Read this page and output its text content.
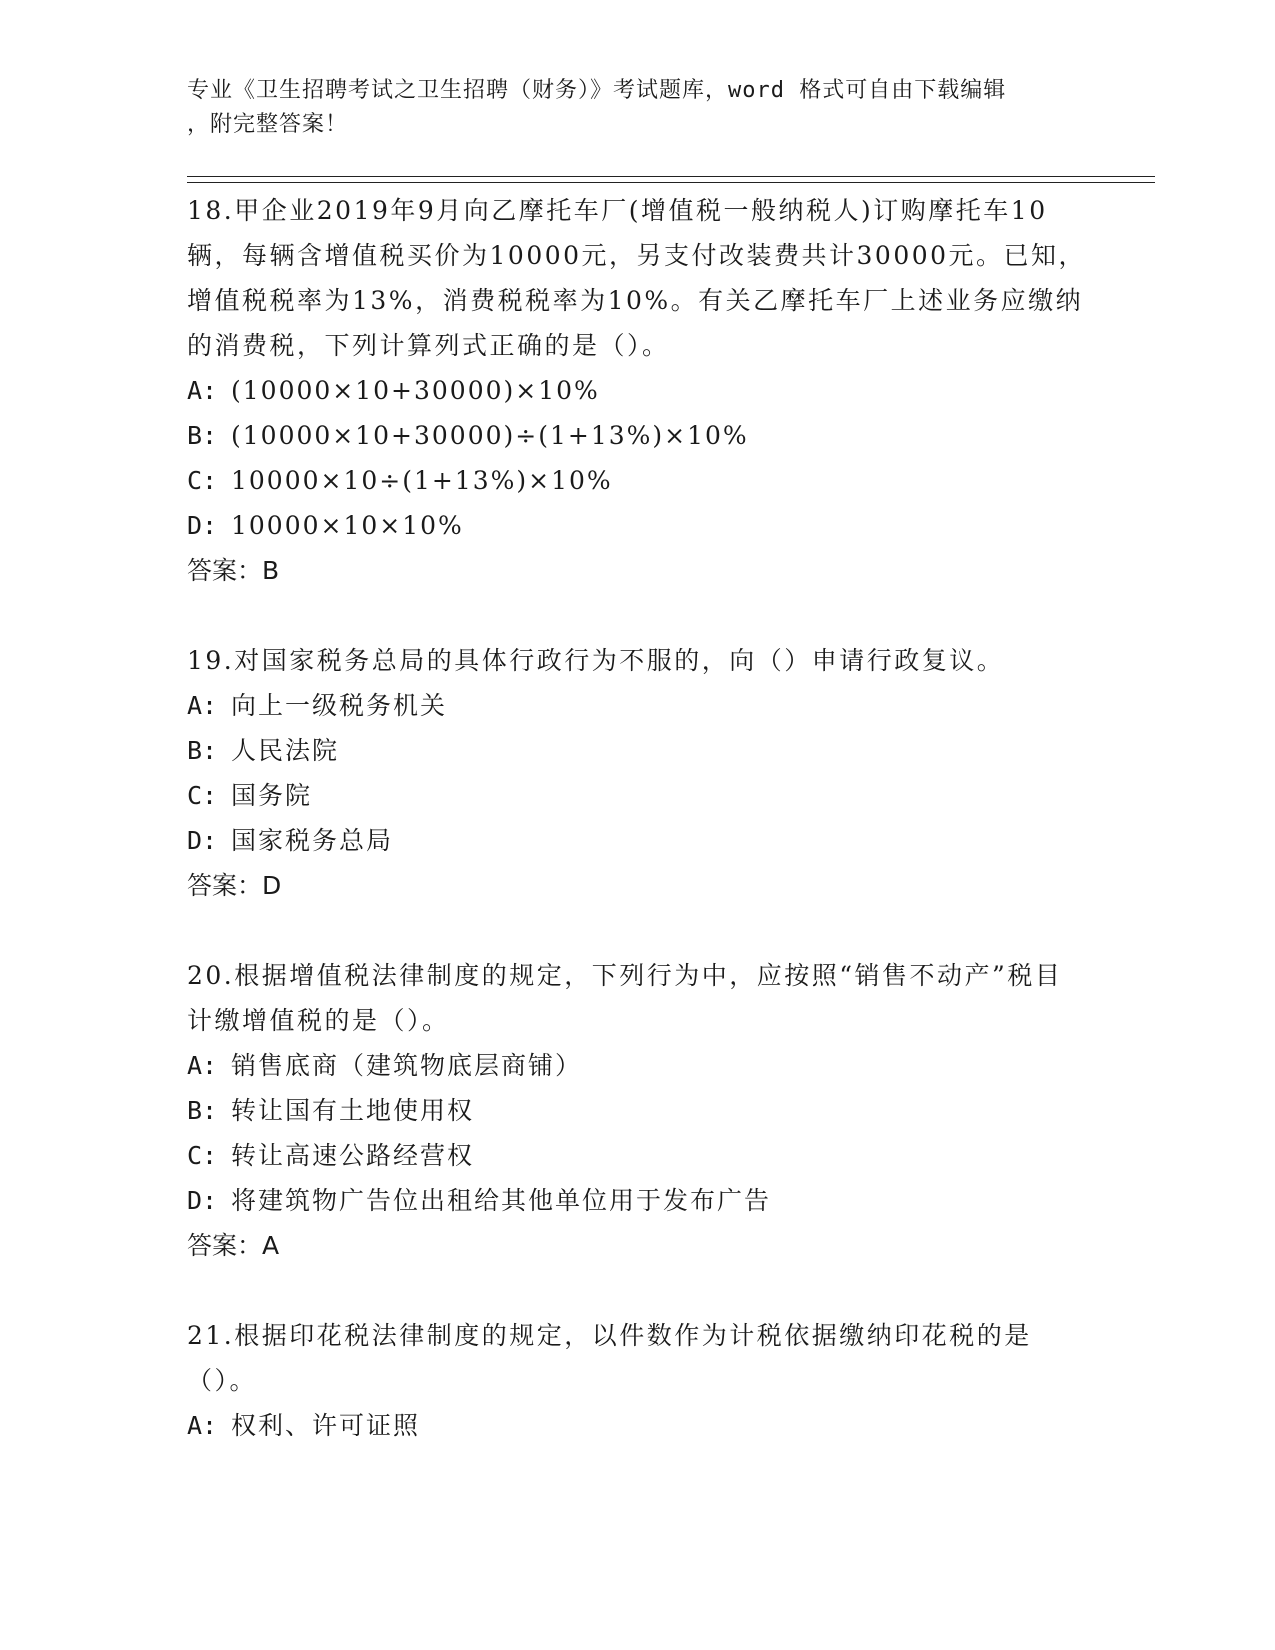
专业《卫生招聘考试之卫生招聘（财务）》考试题库，word 格式可自由下载编辑
，附完整答案！

18.甲企业2019年9月向乙摩托车厂(增值税一般纳税人)订购摩托车10辆，每辆含增值税买价为10000元，另支付改装费共计30000元。已知，增值税税率为13%，消费税税率为10%。有关乙摩托车厂上述业务应缴纳的消费税，下列计算列式正确的是（）。

A: (10000×10+30000)×10%

B: (10000×10+30000)÷(1+13%)×10%

C: 10000×10÷(1+13%)×10%

D: 10000×10×10%

答案：B

19.对国家税务总局的具体行政行为不服的，向（）申请行政复议。

A: 向上一级税务机关

B: 人民法院

C: 国务院

D: 国家税务总局

答案：D

20.根据增值税法律制度的规定，下列行为中，应按照“销售不动产”税目计缴增值税的是（）。

A: 销售底商（建筑物底层商铺）

B: 转让国有土地使用权

C: 转让高速公路经营权

D: 将建筑物广告位出租给其他单位用于发布广告

答案：A

21.根据印花税法律制度的规定，以件数作为计税依据缴纳印花税的是（）。

A: 权利、许可证照
